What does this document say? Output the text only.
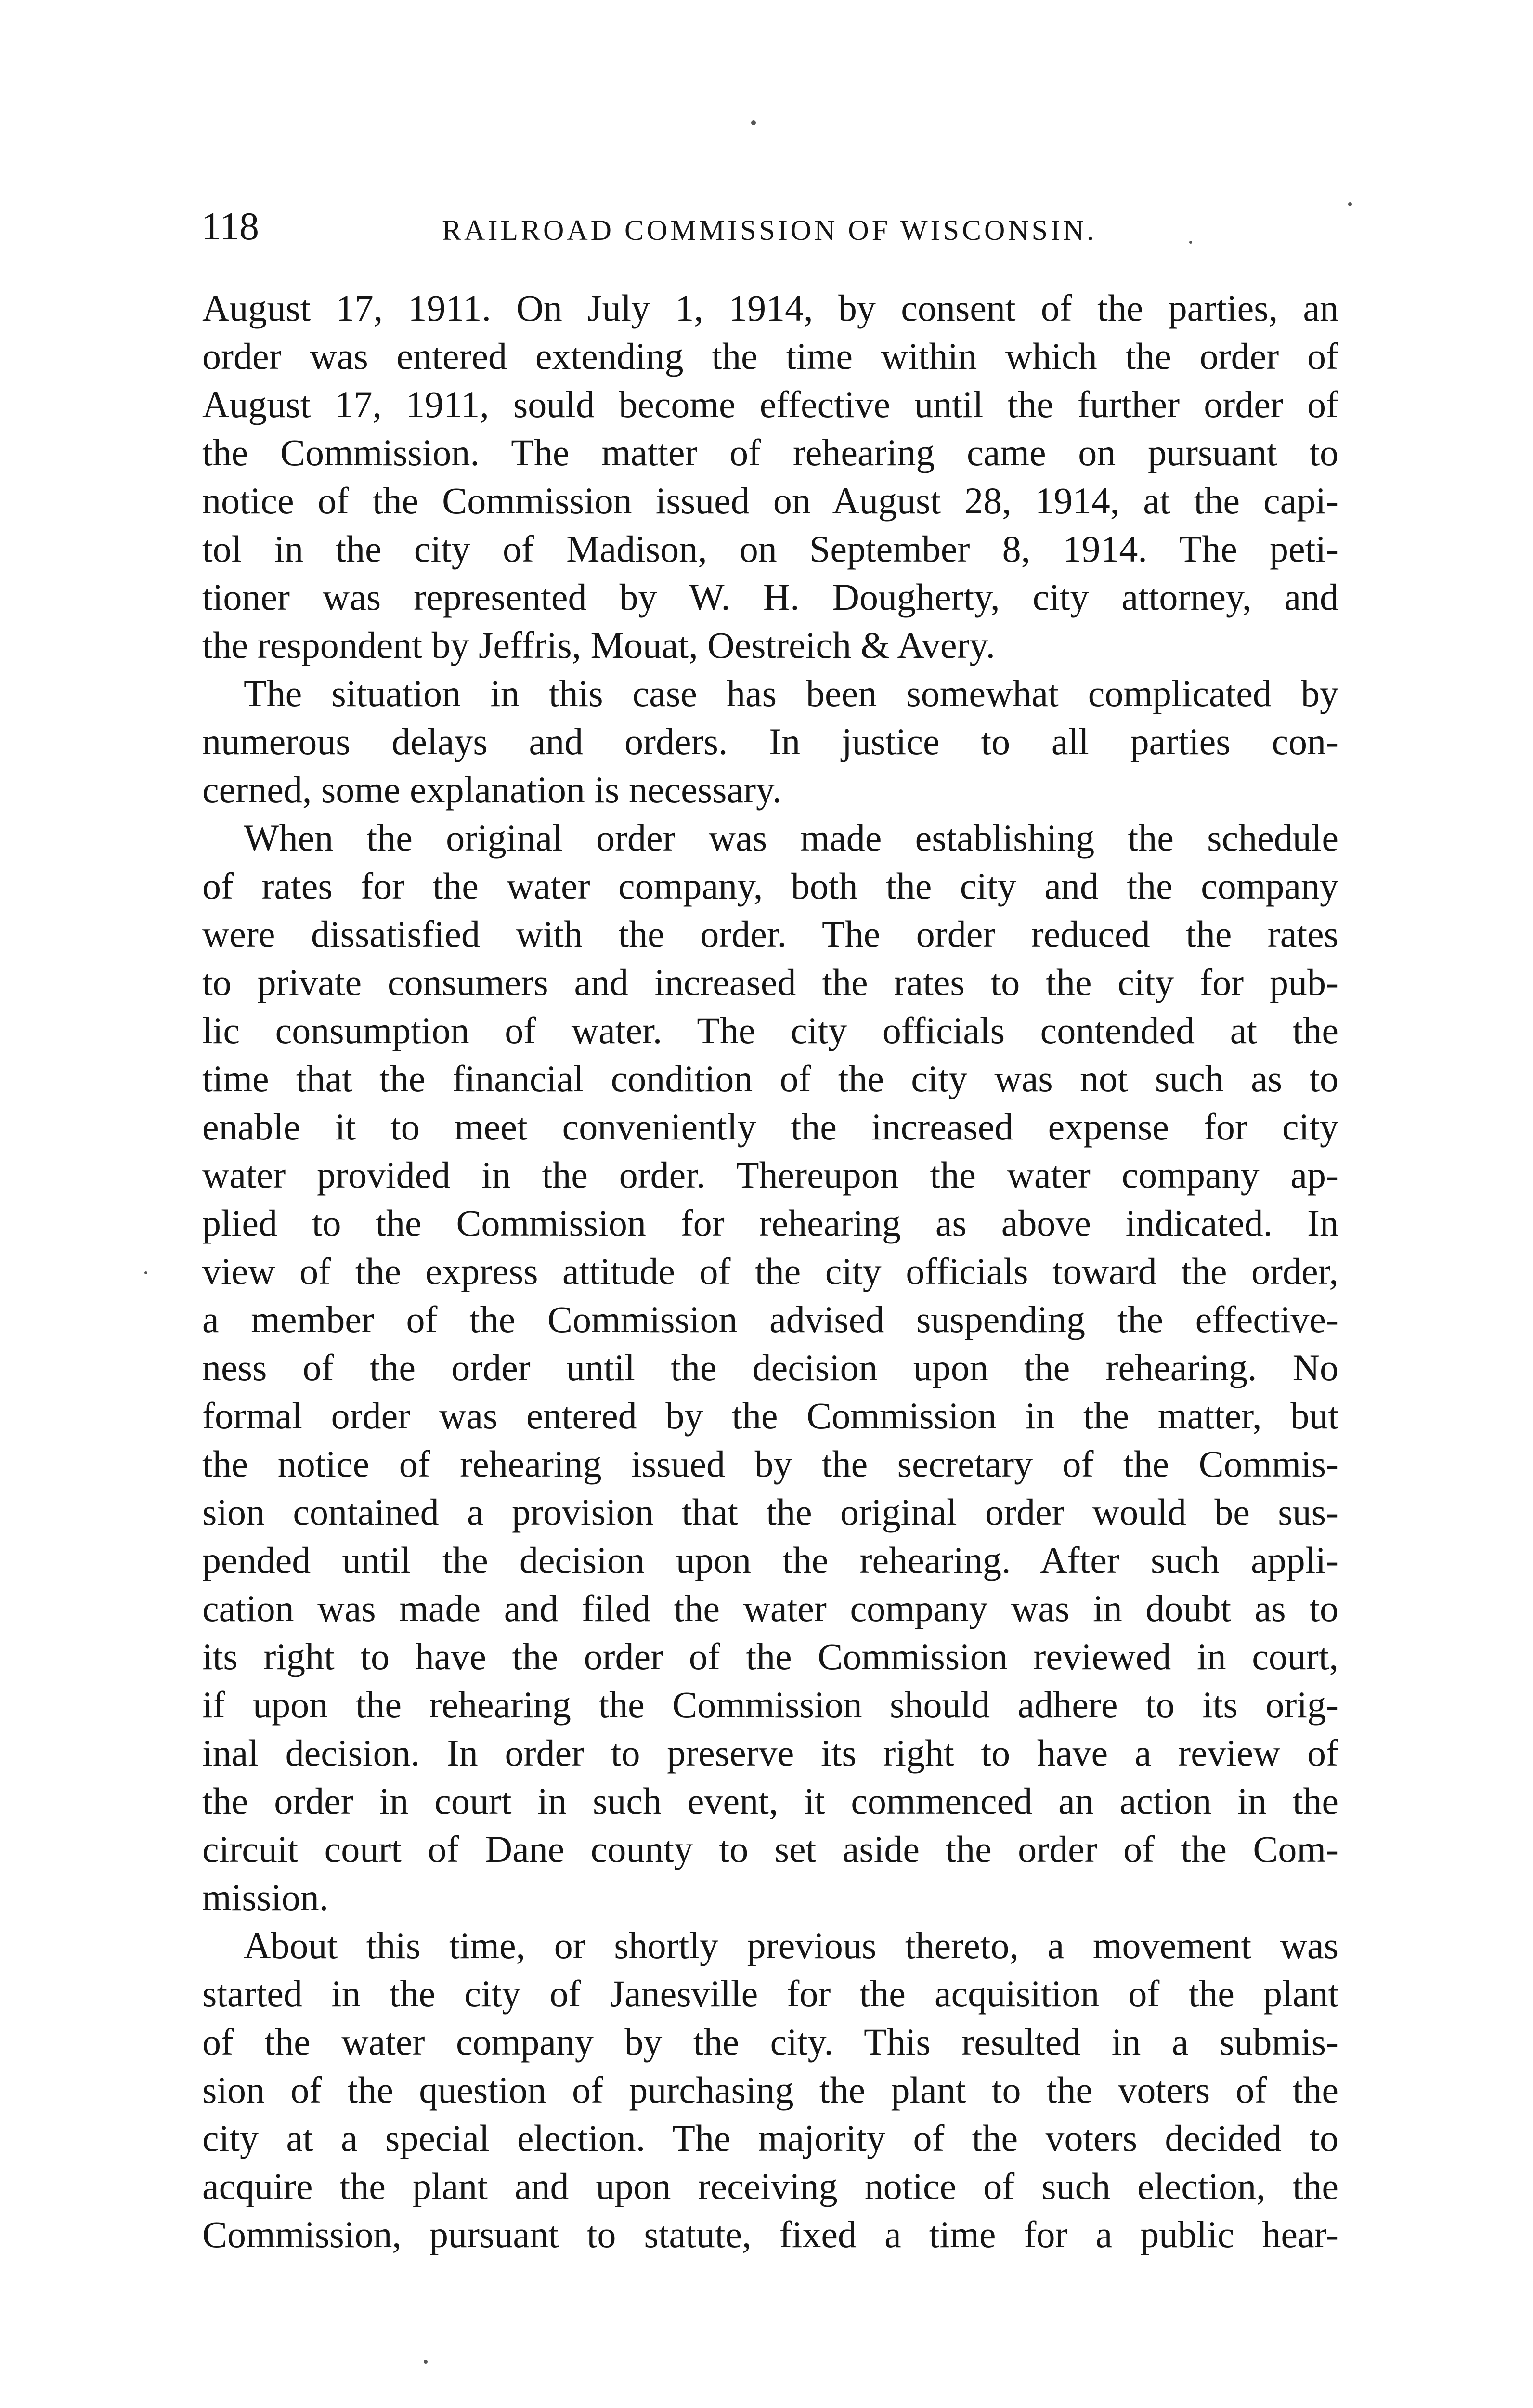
118	RAILROAD COMMISSION OF WISCONSIN.
August 17, 1911. On July 1, 1914, by consent of the parties, an
order was entered extending the time within which the order of
August 17, 1911, sould become effective until the further order of
the Commission. The matter of rehearing came on pursuant to
notice of the Commission issued on August 28, 1914, at the capi-
tol in the city of Madison, on September 8, 1914. The peti-
tioner was represented by W. H. Dougherty, city attorney, and
the respondent by Jeffris, Mouat, Oestreich & Avery.
The situation in this case has been somewhat complicated by
numerous delays and orders. In justice to all parties con-
cerned, some explanation is necessary.
When the original order was made establishing the schedule
of rates for the water company, both the city and the company
were dissatisfied with the order. The order reduced the rates
to private consumers and increased the rates to the city for pub-
lic consumption of water. The city officials contended at the
time that the financial condition of the city was not such as to
enable it to meet conveniently the increased expense for city
water provided in the order. Thereupon the water company ap-
plied to the Commission for rehearing as above indicated. In
view of the express attitude of the city officials toward the order,
a member of the Commission advised suspending the effective-
ness of the order until the decision upon the rehearing. No
formal order was entered by the Commission in the matter, but
the notice of rehearing issued by the secretary of the Commis-
sion contained a provision that the original order would be sus-
pended until the decision upon the rehearing. After such appli-
cation was made and filed the water company was in doubt as to
its right to have the order of the Commission reviewed in court,
if upon the rehearing the Commission should adhere to its orig-
inal decision. In order to preserve its right to have a review of
the order in court in such event, it commenced an action in the
circuit court of Dane county to set aside the order of the Com-
mission.
About this time, or shortly previous thereto, a movement was
started in the city of Janesville for the acquisition of the plant
of the water company by the city. This resulted in a submis-
sion of the question of purchasing the plant to the voters of the
city at a special election. The majority of the voters decided to
acquire the plant and upon receiving notice of such election, the
Commission, pursuant to statute, fixed a time for a public hear-
